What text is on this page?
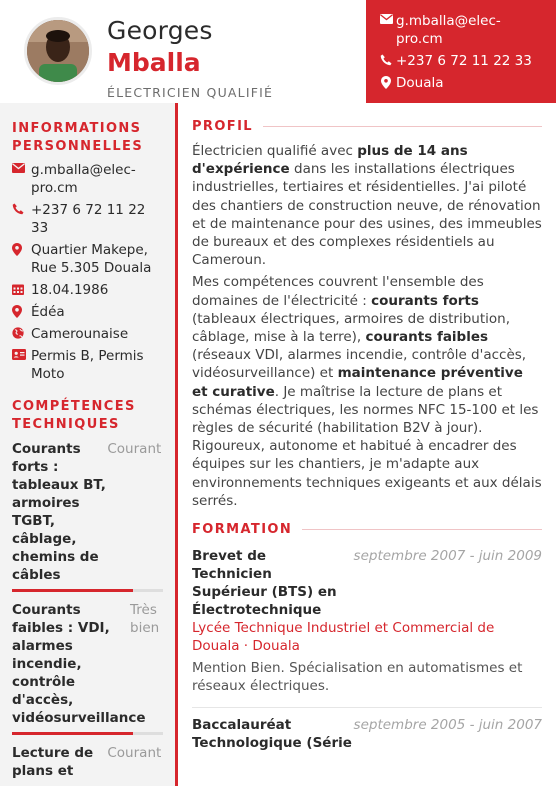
Georges
Mballa
ÉLECTRICIEN QUALIFIÉ
g.mballa@elec-pro.cm
+237 6 72 11 22 33
Douala
INFORMATIONS PERSONNELLES
g.mballa@elec-pro.cm
+237 6 72 11 22 33
Quartier Makepe, Rue 5.305 Douala
18.04.1986
Édéa
Camerounaise
Permis B, Permis Moto
COMPÉTENCES TECHNIQUES
Courants forts : tableaux BT, armoires TGBT, câblage, chemins de câbles
Courant
Courants faibles : VDI, alarmes incendie, contrôle d'accès, vidéosurveillance
Très bien
Lecture de plans et
Courant
PROFIL

Électricien qualifié avec plus de 14 ans d'expérience dans les installations électriques industrielles, tertiaires et résidentielles. J'ai piloté des chantiers de construction neuve, de rénovation et de maintenance pour des usines, des immeubles de bureaux et des complexes résidentiels au Cameroun.

Mes compétences couvrent l'ensemble des domaines de l'électricité : courants forts (tableaux électriques, armoires de distribution, câblage, mise à la terre), courants faibles (réseaux VDI, alarmes incendie, contrôle d'accès, vidéosurveillance) et maintenance préventive et curative. Je maîtrise la lecture de plans et schémas électriques, les normes NFC 15-100 et les règles de sécurité (habilitation B2V à jour). Rigoureux, autonome et habitué à encadrer des équipes sur les chantiers, je m'adapte aux environnements techniques exigeants et aux délais serrés.

FORMATION
Brevet de Technicien Supérieur (BTS) en Électrotechnique
septembre 2007 - juin 2009
Lycée Technique Industriel et Commercial de Douala · Douala
Mention Bien. Spécialisation en automatismes et réseaux électriques.
Baccalauréat Technologique (Série
septembre 2005 - juin 2007
